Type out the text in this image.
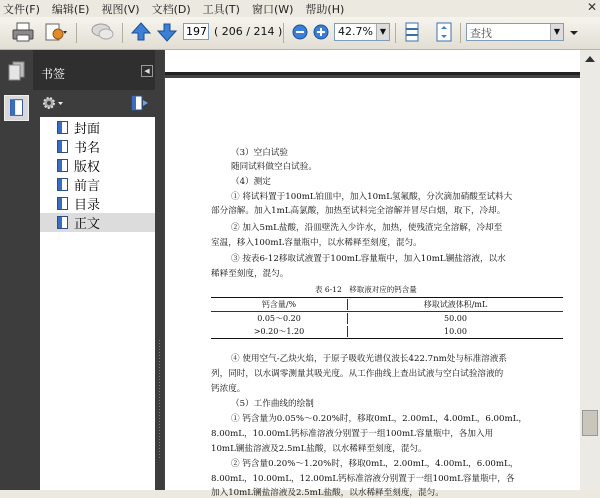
文件(F) 编辑(E) 视图(V) 文档(D) 工具(T) 窗口(W) 帮助(H)	✕
197
( 206 / 214 )	42.7% ▼	查找	▼
书签	◀
封面
书名
版权
前言
目录
正文
（3）空白试验
随同试料做空白试验。
（4）测定
① 将试料置于100mL铂皿中，加入10mL氢氟酸，分次滴加硝酸至试料大
部分溶解。加入1mL高氯酸，加热至试料完全溶解并冒尽白烟，取下，冷却。
② 加入5mL盐酸，沿皿壁洗入少许水，加热，使残渣完全溶解，冷却至
室温，移入100mL容量瓶中，以水稀释至刻度，混匀。
③ 按表6-12移取试液置于100mL容量瓶中，加入10mL镧盐溶液，以水
稀释至刻度，混匀。
表 6-12　移取液对应的钙含量
钙含量/%	移取试液体积/mL
0.05～0.20	50.00
>0.20～1.20	10.00
④ 使用空气-乙炔火焰，于原子吸收光谱仪波长422.7nm处与标准溶液系
列，同时，以水调零测量其吸光度。从工作曲线上查出试液与空白试验溶液的
钙浓度。
（5）工作曲线的绘制
① 钙含量为0.05%～0.20%时，移取0mL，2.00mL，4.00mL，6.00mL，
8.00mL，10.00mL钙标准溶液分别置于一组100mL容量瓶中，各加入用
10mL镧盐溶液及2.5mL盐酸，以水稀释至刻度，混匀。
② 钙含量0.20%～1.20%时，移取0mL，2.00mL，4.00mL，6.00mL，
8.00mL，10.00mL，12.00mL钙标准溶液分别置于一组100mL容量瓶中，各
加入10mL镧盐溶液及2.5mL盐酸，以水稀释至刻度，混匀。
